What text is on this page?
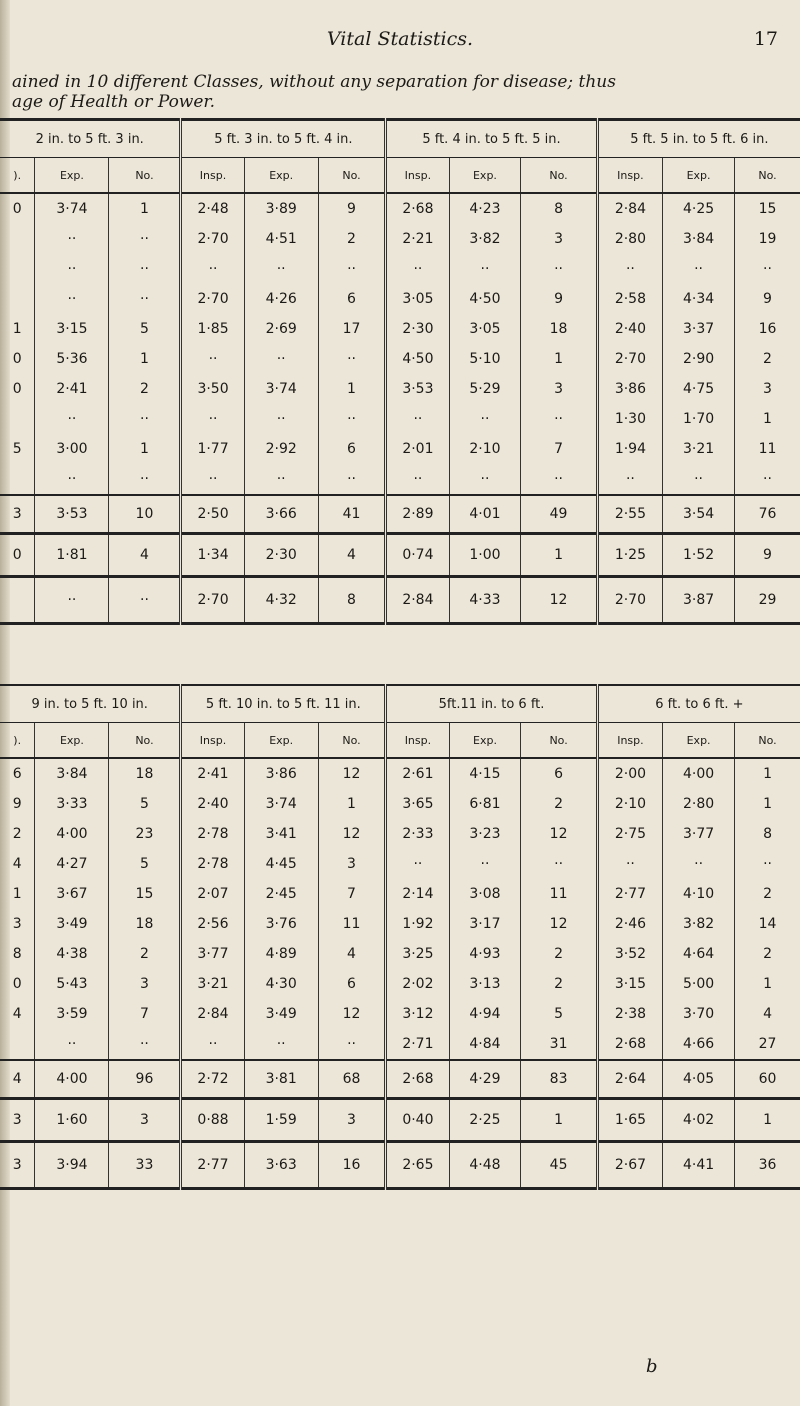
Vital Statistics.	17
ained in 10 different Classes, without any separation for disease; thus
age of Health or Power.
2 in. to 5 ft. 3 in.			5 ft. 3 in. to 5 ft. 4 in.			5 ft. 4 in. to 5 ft. 5 in.			5 ft. 5 in. to 5 ft. 6 in.		
).	Exp.	No.	Insp.	Exp.	No.	Insp.	Exp.	No.	Insp.	Exp.	No.
0	3·74	1	2·48	3·89	9	2·68	4·23	8	2·84	4·25	15
	··	··	2·70	4·51	2	2·21	3·82	3	2·80	3·84	19
	··	··	··	··	··	··	··	··	··	··	··
	··	··	2·70	4·26	6	3·05	4·50	9	2·58	4·34	9
1	3·15	5	1·85	2·69	17	2·30	3·05	18	2·40	3·37	16
0	5·36	1	··	··	··	4·50	5·10	1	2·70	2·90	2
0	2·41	2	3·50	3·74	1	3·53	5·29	3	3·86	4·75	3
	··	··	··	··	··	··	··	··	1·30	1·70	1
5	3·00	1	1·77	2·92	6	2·01	2·10	7	1·94	3·21	11
	··	··	··	··	··	··	··	··	··	··	··
3	3·53	10	2·50	3·66	41	2·89	4·01	49	2·55	3·54	76
0	1·81	4	1·34	2·30	4	0·74	1·00	1	1·25	1·52	9
	··	··	2·70	4·32	8	2·84	4·33	12	2·70	3·87	29
9 in. to 5 ft. 10 in.			5 ft. 10 in. to 5 ft. 11 in.			5ft.11 in. to 6 ft.			6 ft. to 6 ft. +		
).	Exp.	No.	Insp.	Exp.	No.	Insp.	Exp.	No.	Insp.	Exp.	No.
6	3·84	18	2·41	3·86	12	2·61	4·15	6	2·00	4·00	1
9	3·33	5	2·40	3·74	1	3·65	6·81	2	2·10	2·80	1
2	4·00	23	2·78	3·41	12	2·33	3·23	12	2·75	3·77	8
4	4·27	5	2·78	4·45	3	··	··	··	··	··	··
1	3·67	15	2·07	2·45	7	2·14	3·08	11	2·77	4·10	2
3	3·49	18	2·56	3·76	11	1·92	3·17	12	2·46	3·82	14
8	4·38	2	3·77	4·89	4	3·25	4·93	2	3·52	4·64	2
0	5·43	3	3·21	4·30	6	2·02	3·13	2	3·15	5·00	1
4	3·59	7	2·84	3·49	12	3·12	4·94	5	2·38	3·70	4
	··	··	··	··	··	2·71	4·84	31	2·68	4·66	27
4	4·00	96	2·72	3·81	68	2·68	4·29	83	2·64	4·05	60
3	1·60	3	0·88	1·59	3	0·40	2·25	1	1·65	4·02	1
3	3·94	33	2·77	3·63	16	2·65	4·48	45	2·67	4·41	36
b
